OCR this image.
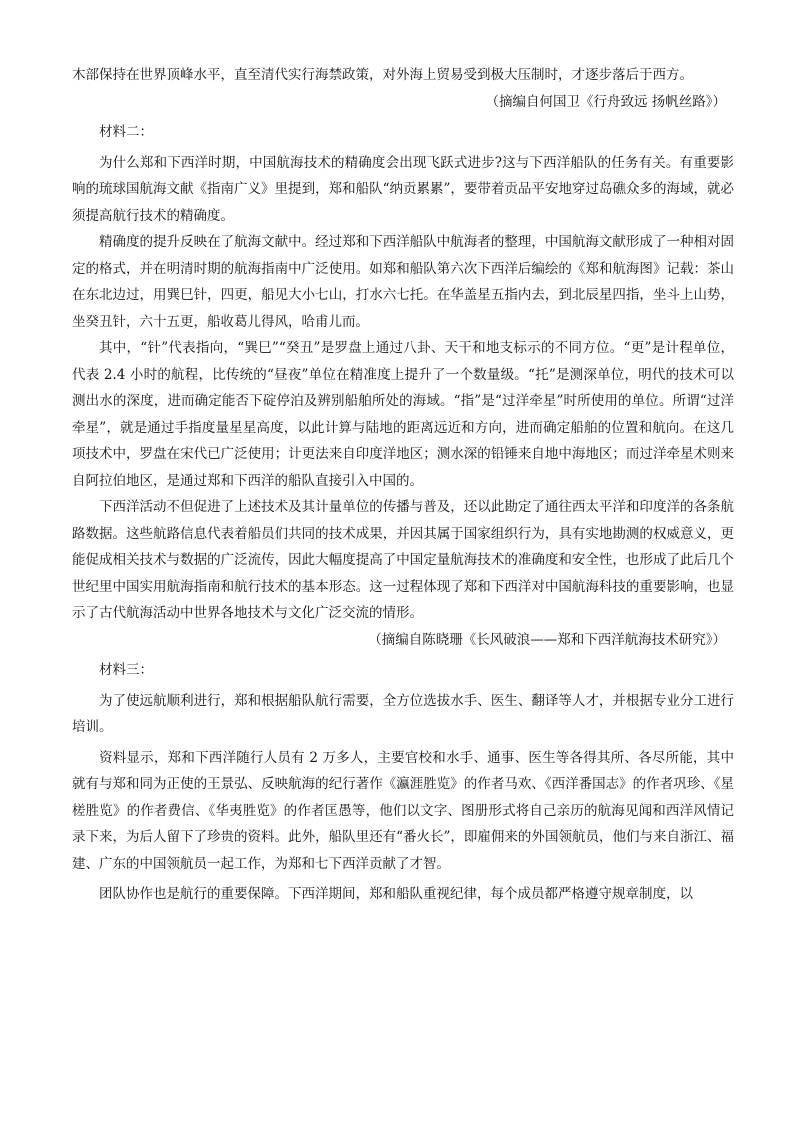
木部保持在世界顶峰水平，直至清代实行海禁政策，对外海上贸易受到极大压制时，才逐步落后于西方。

（摘编自何国卫《行舟致远 扬帆丝路》）

材料二：

为什么郑和下西洋时期，中国航海技术的精确度会出现飞跃式进步?这与下西洋船队的任务有关。有重要影响的琉球国航海文献《指南广义》里提到，郑和船队“纳贡累累”，要带着贡品平安地穿过岛礁众多的海域，就必须提高航行技术的精确度。

精确度的提升反映在了航海文献中。经过郑和下西洋船队中航海者的整理，中国航海文献形成了一种相对固定的格式，并在明清时期的航海指南中广泛使用。如郑和船队第六次下西洋后编绘的《郑和航海图》记载：茶山在东北边过，用巽巳针，四更，船见大小七山，打水六七托。在华盖星五指内去，到北辰星四指，坐斗上山势，坐癸丑针，六十五更，船收葛儿得风，哈甫儿而。

其中，“针”代表指向，“巽巳”“癸丑”是罗盘上通过八卦、天干和地支标示的不同方位。“更”是计程单位，代表 2.4 小时的航程，比传统的“昼夜”单位在精准度上提升了一个数量级。“托”是测深单位，明代的技术可以测出水的深度，进而确定能否下碇停泊及辨别船舶所处的海域。“指”是“过洋牵星”时所使用的单位。所谓“过洋牵星”，就是通过手指度量星星高度，以此计算与陆地的距离远近和方向，进而确定船舶的位置和航向。在这几项技术中，罗盘在宋代已广泛使用；计更法来自印度洋地区；测水深的铅锤来自地中海地区；而过洋牵星术则来自阿拉伯地区，是通过郑和下西洋的船队直接引入中国的。

下西洋活动不但促进了上述技术及其计量单位的传播与普及，还以此勘定了通往西太平洋和印度洋的各条航路数据。这些航路信息代表着船员们共同的技术成果，并因其属于国家组织行为，具有实地勘测的权威意义，更能促成相关技术与数据的广泛流传，因此大幅度提高了中国定量航海技术的准确度和安全性，也形成了此后几个世纪里中国实用航海指南和航行技术的基本形态。这一过程体现了郑和下西洋对中国航海科技的重要影响，也显示了古代航海活动中世界各地技术与文化广泛交流的情形。

（摘编自陈晓珊《长风破浪——郑和下西洋航海技术研究》）

材料三：

为了使远航顺利进行，郑和根据船队航行需要，全方位选拔水手、医生、翻译等人才，并根据专业分工进行培训。

资料显示，郑和下西洋随行人员有 2 万多人，主要官校和水手、通事、医生等各得其所、各尽所能，其中就有与郑和同为正使的王景弘、反映航海的纪行著作《瀛涯胜览》的作者马欢、《西洋番国志》的作者巩珍、《星槎胜览》的作者费信、《华夷胜览》的作者匡愚等，他们以文字、图册形式将自己亲历的航海见闻和西洋风情记录下来，为后人留下了珍贵的资料。此外，船队里还有“番火长”，即雇佣来的外国领航员，他们与来自浙江、福建、广东的中国领航员一起工作，为郑和七下西洋贡献了才智。

团队协作也是航行的重要保障。下西洋期间，郑和船队重视纪律，每个成员都严格遵守规章制度，以
